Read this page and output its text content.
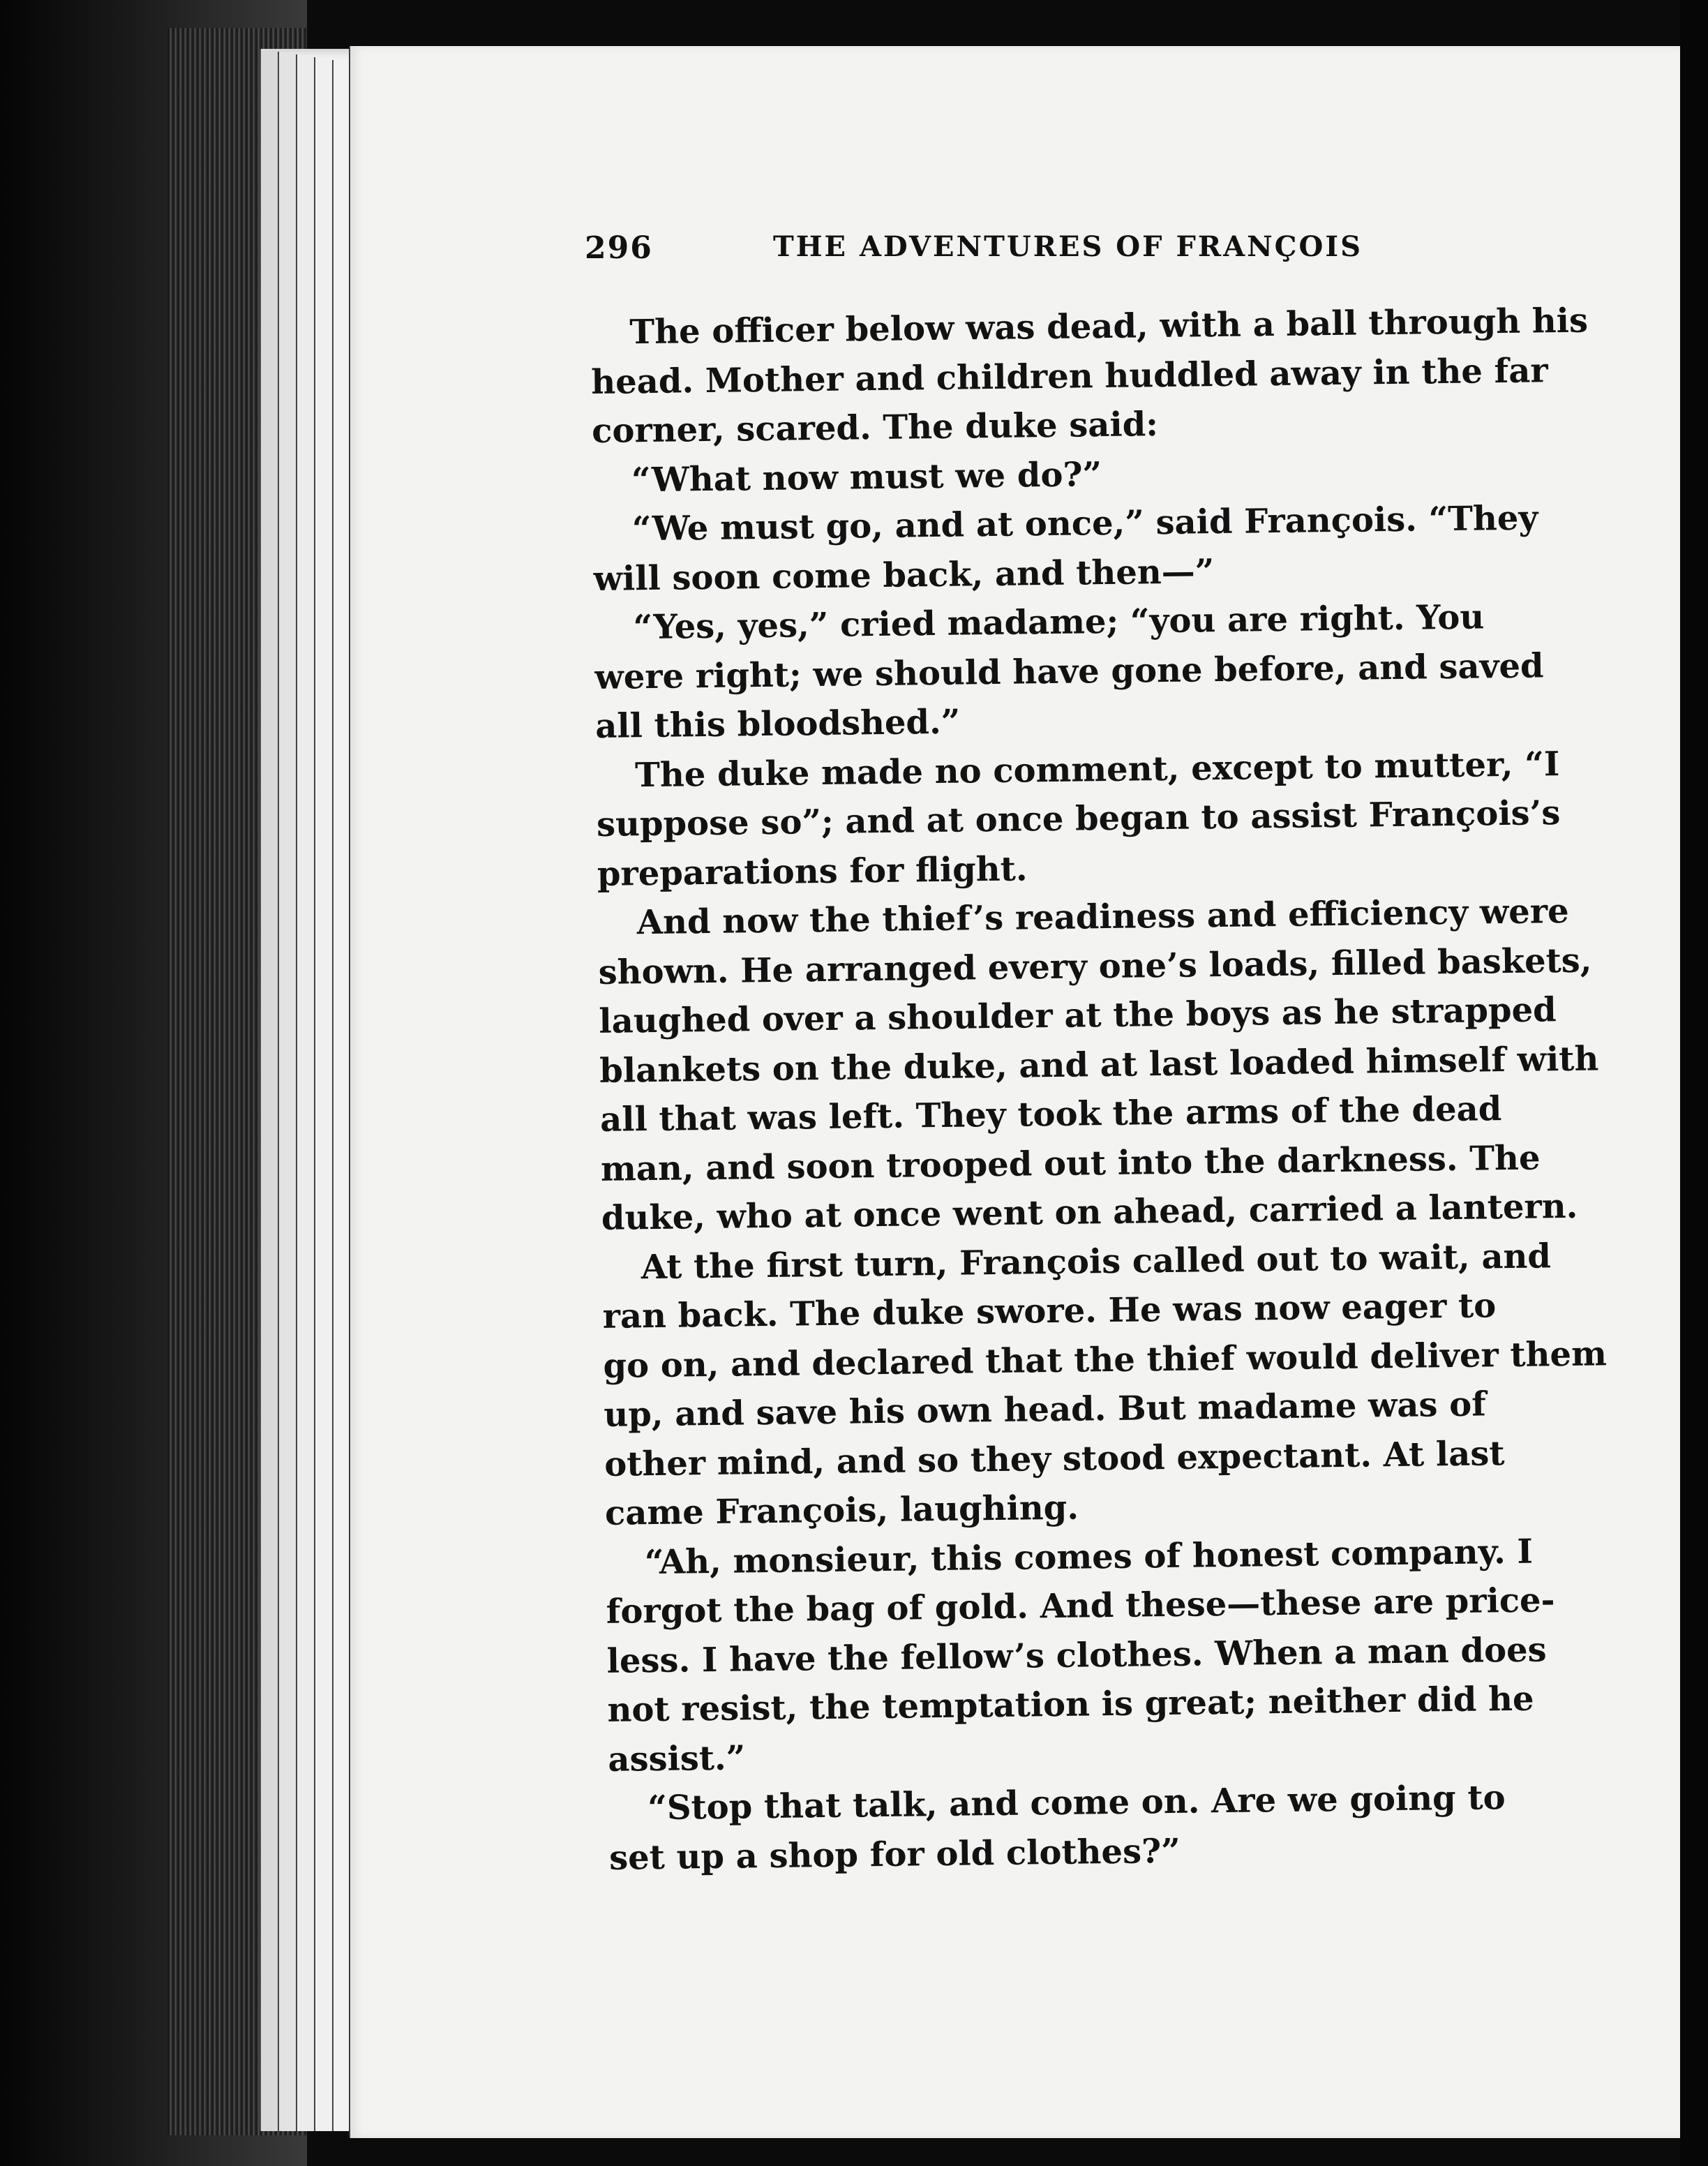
296	THE ADVENTURES OF FRANÇOIS
The officer below was dead, with a ball through his
head. Mother and children huddled away in the far
corner, scared. The duke said:
“What now must we do?”
“We must go, and at once,” said François. “They
will soon come back, and then—”
“Yes, yes,” cried madame; “you are right. You
were right; we should have gone before, and saved
all this bloodshed.”
The duke made no comment, except to mutter, “I
suppose so”; and at once began to assist François’s
preparations for flight.
And now the thief’s readiness and efficiency were
shown. He arranged every one’s loads, filled baskets,
laughed over a shoulder at the boys as he strapped
blankets on the duke, and at last loaded himself with
all that was left. They took the arms of the dead
man, and soon trooped out into the darkness. The
duke, who at once went on ahead, carried a lantern.
At the first turn, François called out to wait, and
ran back. The duke swore. He was now eager to
go on, and declared that the thief would deliver them
up, and save his own head. But madame was of
other mind, and so they stood expectant. At last
came François, laughing.
“Ah, monsieur, this comes of honest company. I
forgot the bag of gold. And these—these are price-
less. I have the fellow’s clothes. When a man does
not resist, the temptation is great; neither did he
assist.”
“Stop that talk, and come on. Are we going to
set up a shop for old clothes?”
